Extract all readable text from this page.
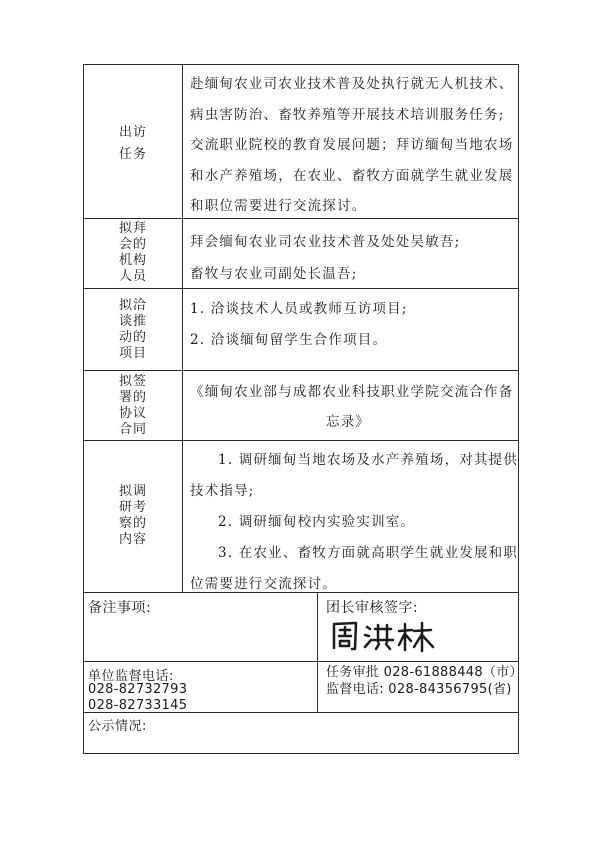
出访
任务
赴缅甸农业司农业技术普及处执行就无人机技术、
病虫害防治、畜牧养殖等开展技术培训服务任务;
交流职业院校的教育发展问题；拜访缅甸当地农场
和水产养殖场，在农业、畜牧方面就学生就业发展
和职位需要进行交流探讨。
拟拜
会的
机构
人员
拜会缅甸农业司农业技术普及处处吴敏吾;
畜牧与农业司副处长温吾;
拟洽
谈推
动的
项目
1. 洽谈技术人员或教师互访项目;
2. 洽谈缅甸留学生合作项目。
拟签
署的
协议
合同
《缅甸农业部与成都农业科技职业学院交流合作备
忘录》
拟调
研考
察的
内容
1. 调研缅甸当地农场及水产养殖场，对其提供
技术指导;
2. 调研缅甸校内实验实训室。
3. 在农业、畜牧方面就高职学生就业发展和职
位需要进行交流探讨。
备注事项:	团长审核签字:
单位监督电话:
028-82732793
028-82733145
任务审批 028-61888448（市）
监督电话: 028-84356795(省)
公示情况:
